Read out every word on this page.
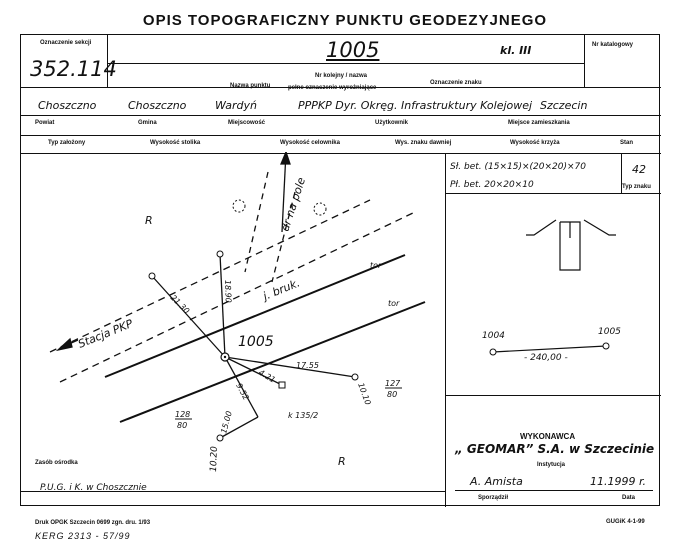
OPIS TOPOGRAFICZNY PUNKTU GEODEZYJNEGO
Oznaczenie sekcji
352.114
1005	kl. III	Nr katalogowy
Nazwa punktu
Nr kolejny / nazwa
pełne oznaczenie wyrożniające
Oznaczenie znaku
Choszczno	Choszczno	Wardyń	PPPKP Dyr. Okręg. Infrastruktury Kolejowej Szczecin
Powiat	Gmina	Miejscowość	Użytkownik	Miejsce zamieszkania
Typ założony	Wysokość stolika	Wysokość celownika	Wys. znaku dawniej	Wysokość krzyża	Stan
Sł. bet. (15×15)×(20×20)×70
Pł. bet. 20×20×10
42
Typ znaku
R
R
dr na pole
j. bruk.
tor
tor
Stacja PKP	1005
21.30
18.90
17.55
4.21
10.10
9.52
15.00
10.20
128
80
127
80
k 135/2
1004	1005
- 240,00 -
WYKONAWCA
„ GEOMAR” S.A. w Szczecinie
Instytucja
A. Amista	11.1999 r.
Sporządził	Data
Zasób ośrodka
P.U.G. i K. w Choszcznie
Druk OPGK Szczecin 0699 zgn. dru. 1/93
KERG 2313 - 57/99
GUGiK 4-1-99
